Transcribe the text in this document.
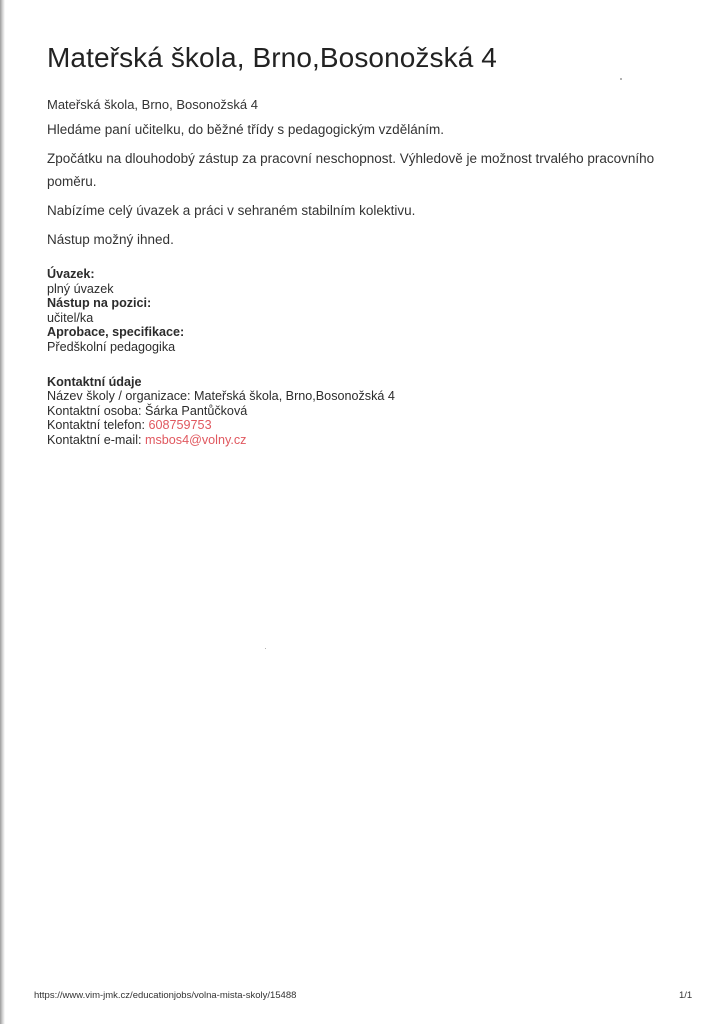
Mateřská škola, Brno,Bosonožská 4

Mateřská škola, Brno, Bosonožská 4

Hledáme paní učitelku, do běžné třídy s pedagogickým vzděláním.

Zpočátku na dlouhodobý zástup za pracovní neschopnost. Výhledově je možnost trvalého pracovního poměru.

Nabízíme celý úvazek a práci v sehraném stabilním kolektivu.

Nástup možný ihned.

Úvazek:
plný úvazek
Nástup na pozici:
učitel/ka
Aprobace, specifikace:
Předškolní pedagogika
Kontaktní údaje
Název školy / organizace: Mateřská škola, Brno,Bosonožská 4
Kontaktní osoba: Šárka Pantůčková
Kontaktní telefon: 608759753
Kontaktní e-mail: msbos4@volny.cz
https://www.vim-jmk.cz/educationjobs/volna-mista-skoly/15488	1/1
